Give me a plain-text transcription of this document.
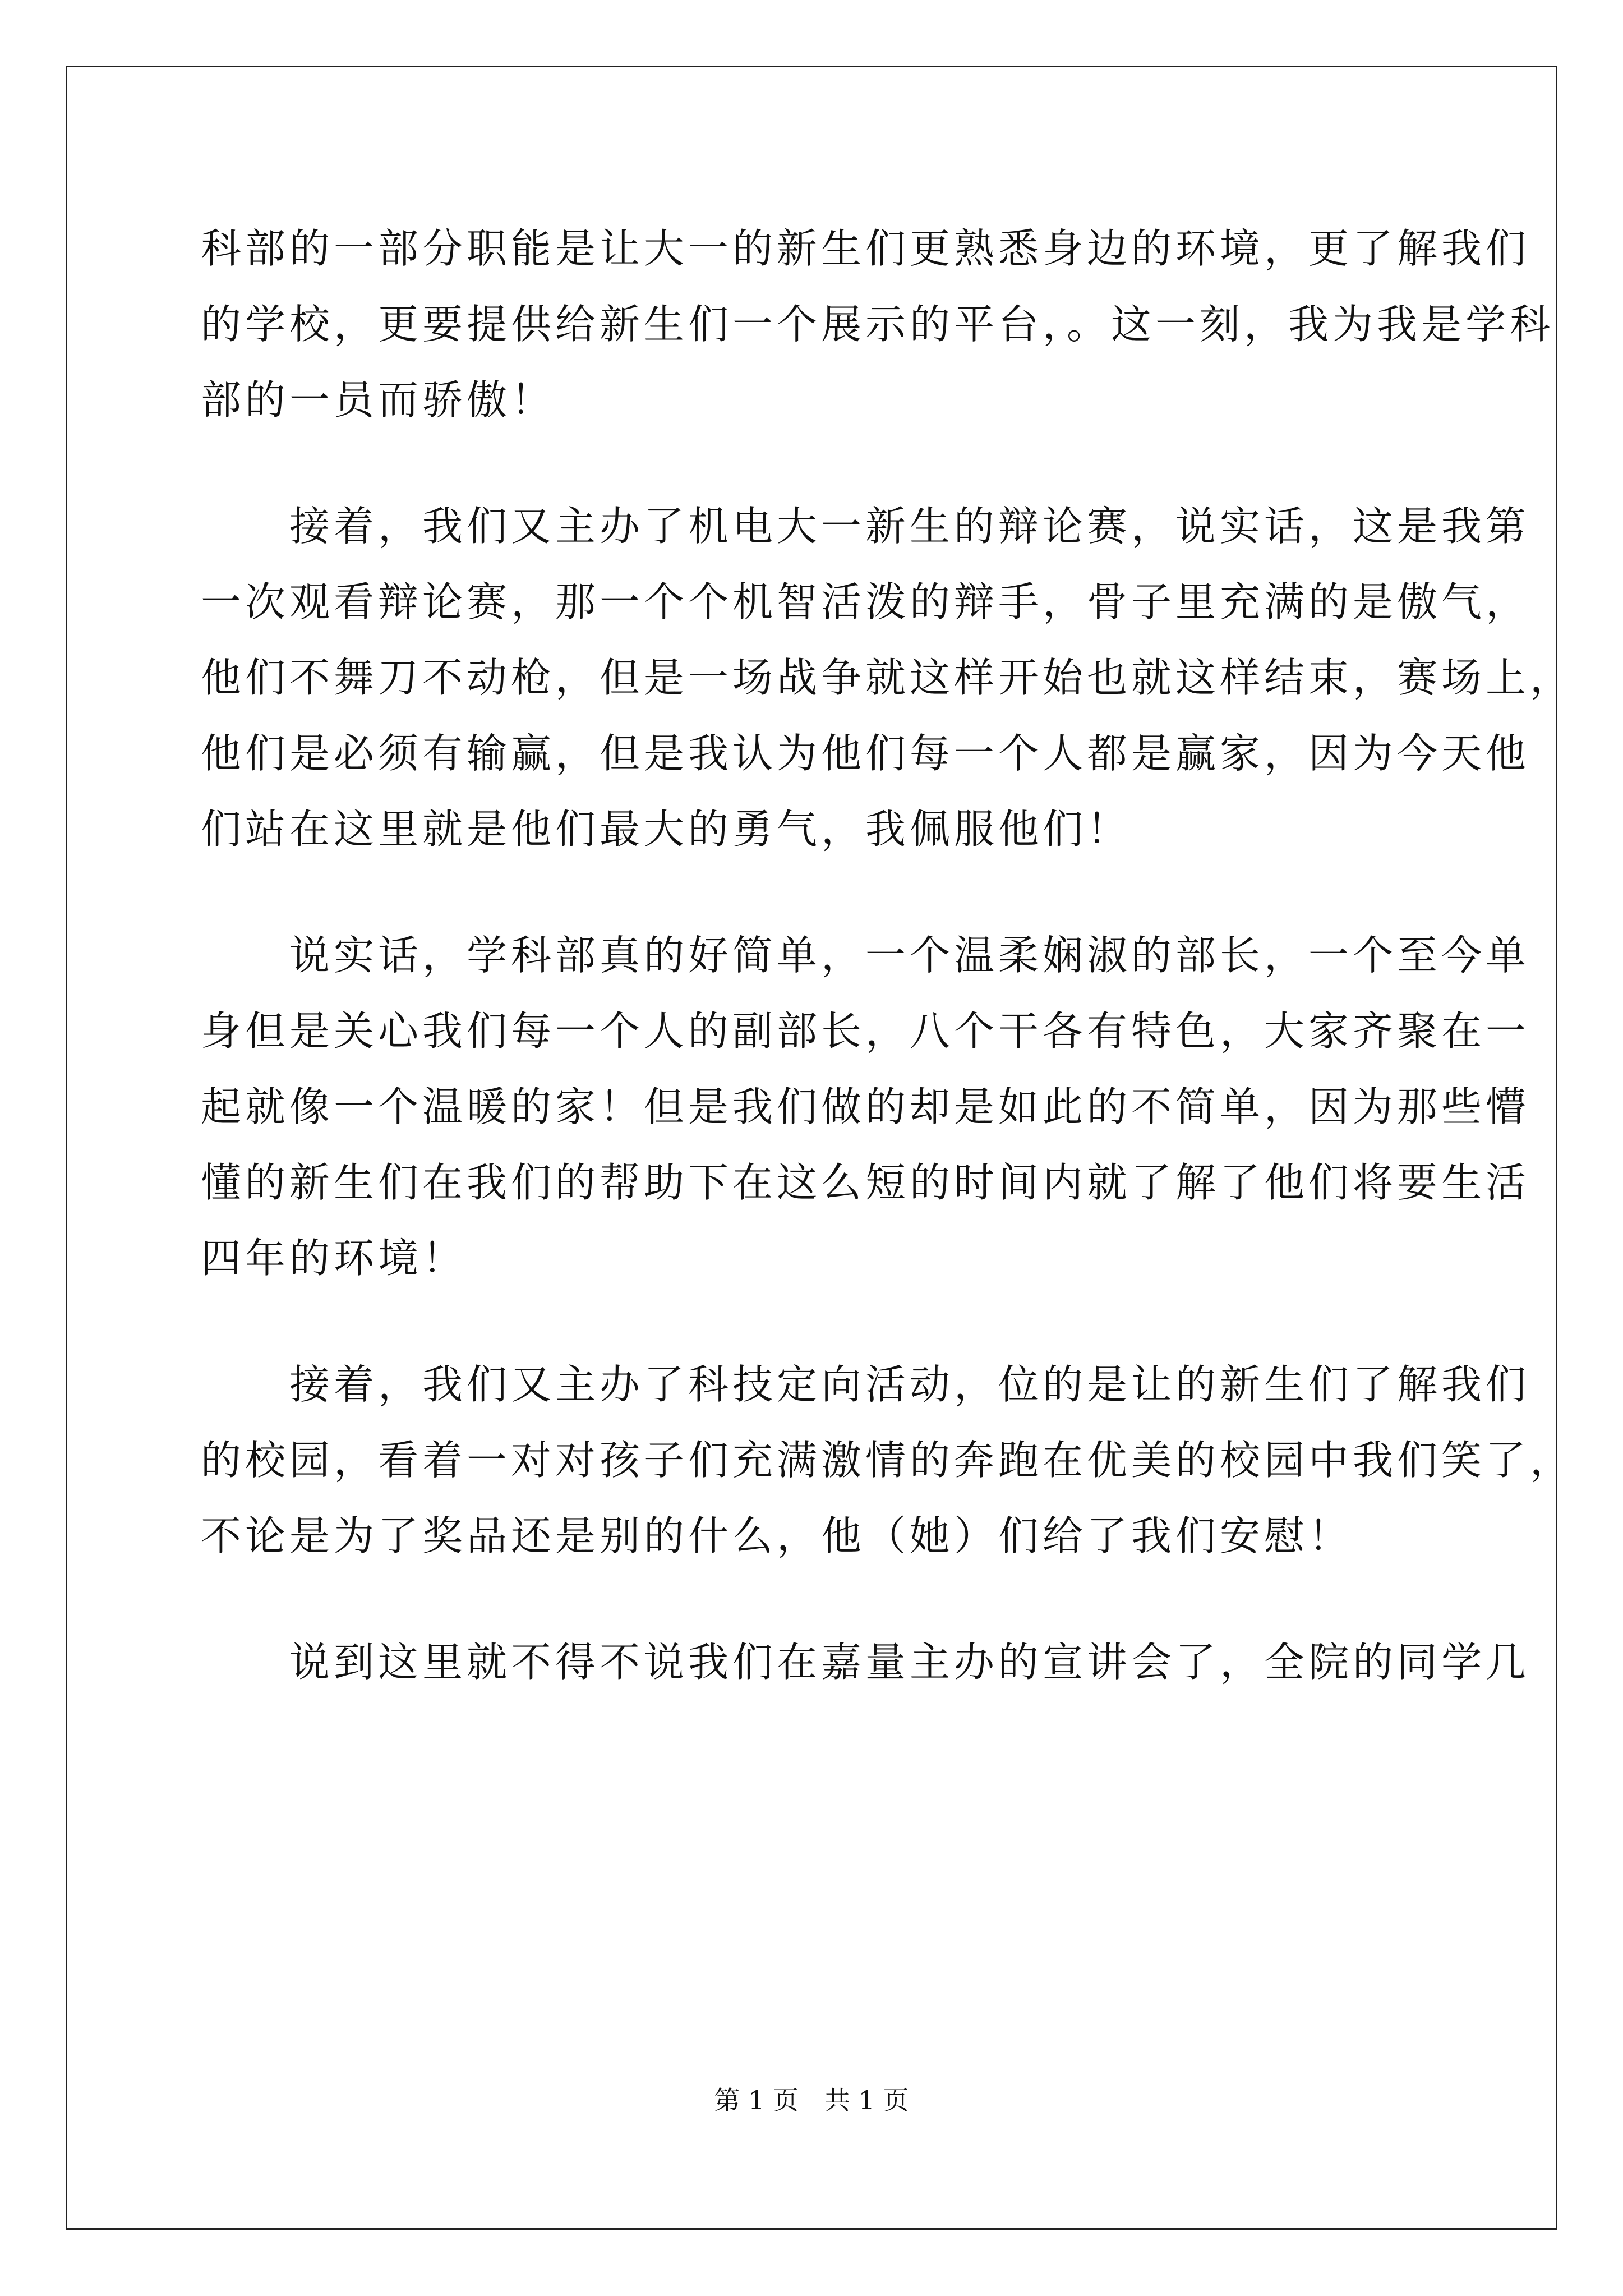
科部的一部分职能是让大一的新生们更熟悉身边的环境，更了解我们
的学校，更要提供给新生们一个展示的平台，。这一刻，我为我是学科
部的一员而骄傲！
　　接着，我们又主办了机电大一新生的辩论赛，说实话，这是我第
一次观看辩论赛，那一个个机智活泼的辩手，骨子里充满的是傲气，
他们不舞刀不动枪，但是一场战争就这样开始也就这样结束，赛场上，
他们是必须有输赢，但是我认为他们每一个人都是赢家，因为今天他
们站在这里就是他们最大的勇气，我佩服他们！
　　说实话，学科部真的好简单，一个温柔娴淑的部长，一个至今单
身但是关心我们每一个人的副部长，八个干各有特色，大家齐聚在一
起就像一个温暖的家！但是我们做的却是如此的不简单，因为那些懵
懂的新生们在我们的帮助下在这么短的时间内就了解了他们将要生活
四年的环境！
　　接着，我们又主办了科技定向活动，位的是让的新生们了解我们
的校园，看着一对对孩子们充满激情的奔跑在优美的校园中我们笑了，
不论是为了奖品还是别的什么，他（她）们给了我们安慰！
　　说到这里就不得不说我们在嘉量主办的宣讲会了，全院的同学几
第 1 页　共 1 页
